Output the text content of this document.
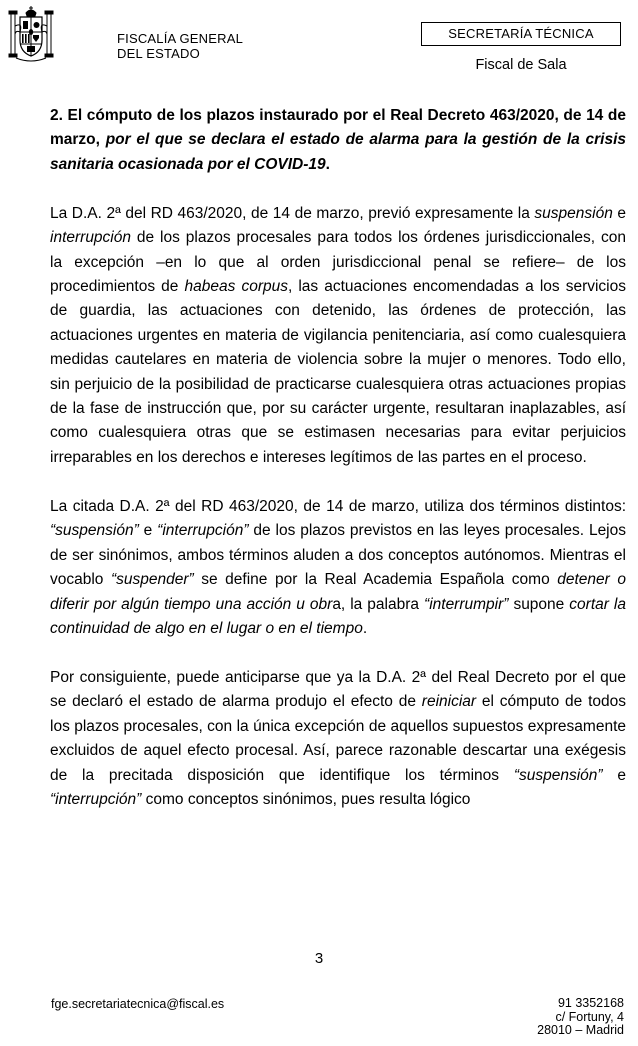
FISCALÍA GENERAL
DEL ESTADO
SECRETARÍA TÉCNICA
Fiscal de Sala

2. El cómputo de los plazos instaurado por el Real Decreto 463/2020, de 14 de marzo, por el que se declara el estado de alarma para la gestión de la crisis sanitaria ocasionada por el COVID-19.

La D.A. 2ª del RD 463/2020, de 14 de marzo, previó expresamente la suspensión e interrupción de los plazos procesales para todos los órdenes jurisdiccionales, con la excepción –en lo que al orden jurisdiccional penal se refiere– de los procedimientos de habeas corpus, las actuaciones encomendadas a los servicios de guardia, las actuaciones con detenido, las órdenes de protección, las actuaciones urgentes en materia de vigilancia penitenciaria, así como cualesquiera medidas cautelares en materia de violencia sobre la mujer o menores. Todo ello, sin perjuicio de la posibilidad de practicarse cualesquiera otras actuaciones propias de la fase de instrucción que, por su carácter urgente, resultaran inaplazables, así como cualesquiera otras que se estimasen necesarias para evitar perjuicios irreparables en los derechos e intereses legítimos de las partes en el proceso.

La citada D.A. 2ª del RD 463/2020, de 14 de marzo, utiliza dos términos distintos: “suspensión” e “interrupción” de los plazos previstos en las leyes procesales. Lejos de ser sinónimos, ambos términos aluden a dos conceptos autónomos. Mientras el vocablo “suspender” se define por la Real Academia Española como detener o diferir por algún tiempo una acción u obra, la palabra “interrumpir” supone cortar la continuidad de algo en el lugar o en el tiempo.

Por consiguiente, puede anticiparse que ya la D.A. 2ª del Real Decreto por el que se declaró el estado de alarma produjo el efecto de reiniciar el cómputo de todos los plazos procesales, con la única excepción de aquellos supuestos expresamente excluidos de aquel efecto procesal. Así, parece razonable descartar una exégesis de la precitada disposición que identifique los términos “suspensión” e “interrupción” como conceptos sinónimos, pues resulta lógico

3
fge.secretariatecnica@fiscal.es	91 3352168
c/ Fortuny, 4
28010 – Madrid
